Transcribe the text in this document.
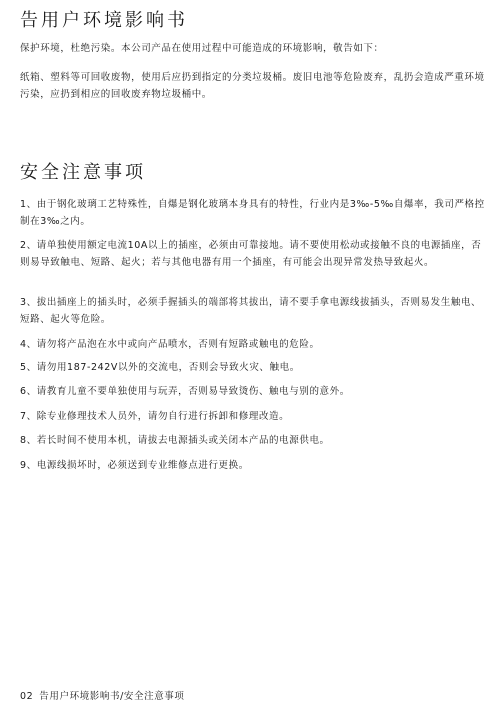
告用户环境影响书

保护环境，杜绝污染。本公司产品在使用过程中可能造成的环境影响，敬告如下：

纸箱、塑料等可回收废物，使用后应扔到指定的分类垃圾桶。废旧电池等危险废弃，乱扔会造成严重环境污染，应扔到相应的回收废弃物垃圾桶中。

安全注意事项

1、由于钢化玻璃工艺特殊性，自爆是钢化玻璃本身具有的特性，行业内是3‰-5‰自爆率，我司严格控制在3‰之内。

2、请单独使用额定电流10A以上的插座，必须由可靠接地。请不要使用松动或接触不良的电源插座，否则易导致触电、短路、起火；若与其他电器有用一个插座，有可能会出现异常发热导致起火。

3、拔出插座上的插头时，必须手握插头的端部将其拔出，请不要手拿电源线拔插头，否则易发生触电、短路、起火等危险。

4、请勿将产品泡在水中或向产品喷水，否则有短路或触电的危险。

5、请勿用187-242V以外的交流电，否则会导致火灾、触电。

6、请教育儿童不要单独使用与玩弄，否则易导致烫伤、触电与别的意外。

7、除专业修理技术人员外，请勿自行进行拆卸和修理改造。

8、若长时间不使用本机，请拔去电源插头或关闭本产品的电源供电。

9、电源线损坏时，必须送到专业维修点进行更换。

02 告用户环境影响书/安全注意事项
